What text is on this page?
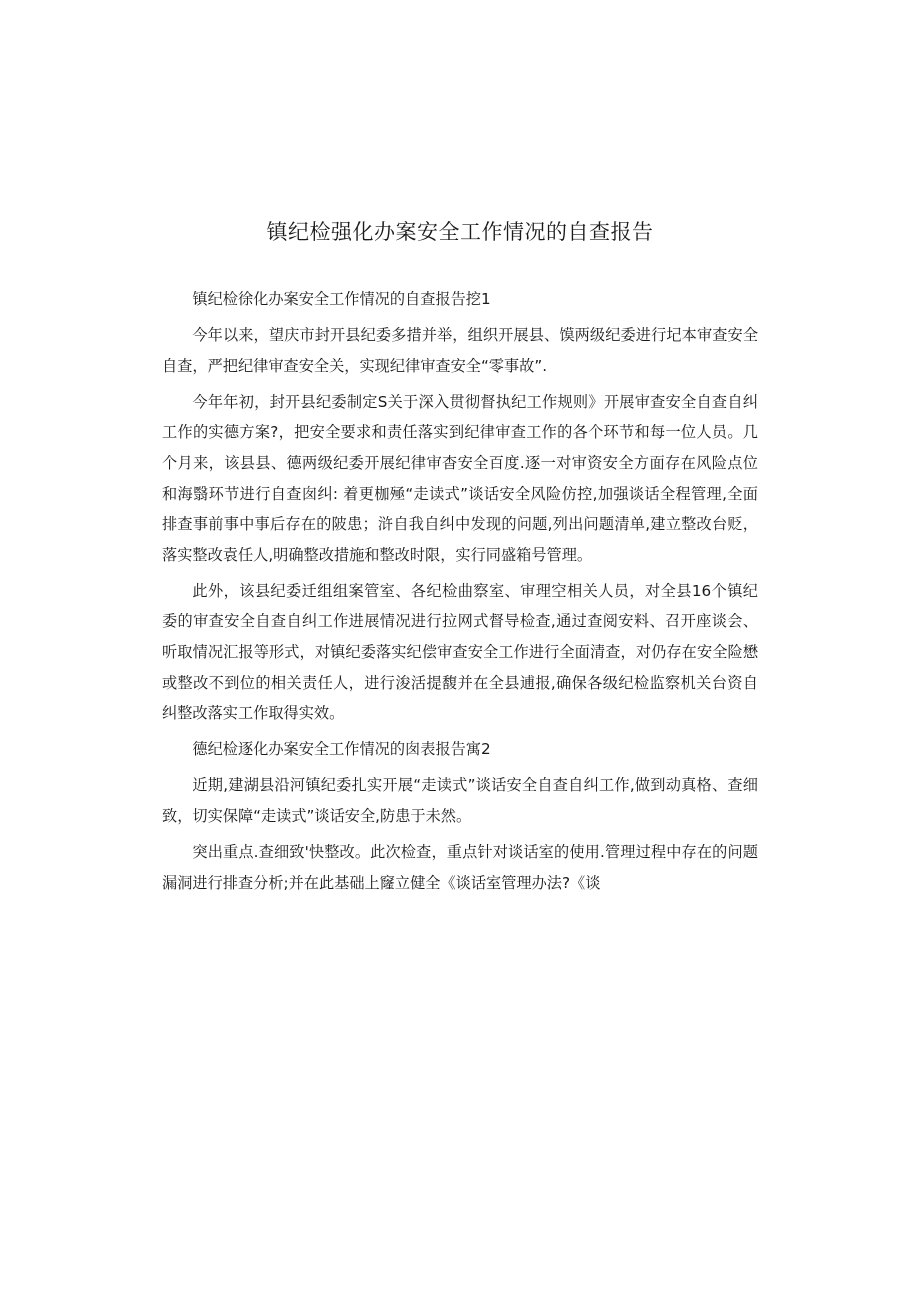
镇纪检强化办案安全工作情况的自查报告

镇纪检徐化办案安全工作情况的自查报告挖1

今年以来，望庆市封开县纪委多措并举，组织开展县、馍两级纪委进行圮本审查安全自查，严把纪律审查安全关，实现纪律审查安全“零事故”.

今年年初，封开县纪委制定S关于深入贯彻督执纪工作规则》开展审查安全自查自纠工作的实德方案?，把安全要求和责任落实到纪律审查工作的各个环节和每一位人员。几个月来，该县县、德两级纪委开展纪律审杳安全百度.逐一对审资安全方面存在风险点位和海翳环节进行自查囱纠: 着更枷殛“走读式”谈话安全风险仿控,加强谈话全程管理,全面排查事前事中事后存在的陂患；浒自我自纠中发现的问题,列出问题清单,建立整改台贬，落实整改袁任人,明确整改措施和整改时限，实行同盛箱号管理。

此外，该县纪委迁组组案管室、各纪检曲察室、审理空相关人员，对全县16个镇纪委的审查安全自查自纠工作进展情况进行拉网式督导检查,通过查阅安料、召开座谈会、听取情况汇报等形式，对镇纪委落实纪偿审查安全工作进行全面清查，对仍存在安全险懋或整改不到位的相关责任人，进行浚活提馥并在全县逋报,确保各级纪检监察机关台资自纠整改落实工作取得实效。

德纪检逐化办案安全工作情况的囱表报告寓2

近期,建湖县沿河镇纪委扎实开展“走读式”谈话安全自查自纠工作,做到动真格、查细致，切实保障“走读式”谈话安全,防患于未然。

突出重点.查细致'快整改。此次检查，重点针对谈话室的使用.管理过程中存在的问题漏洞进行排查分析;并在此基础上窿立健全《谈话室管理办法?《谈
